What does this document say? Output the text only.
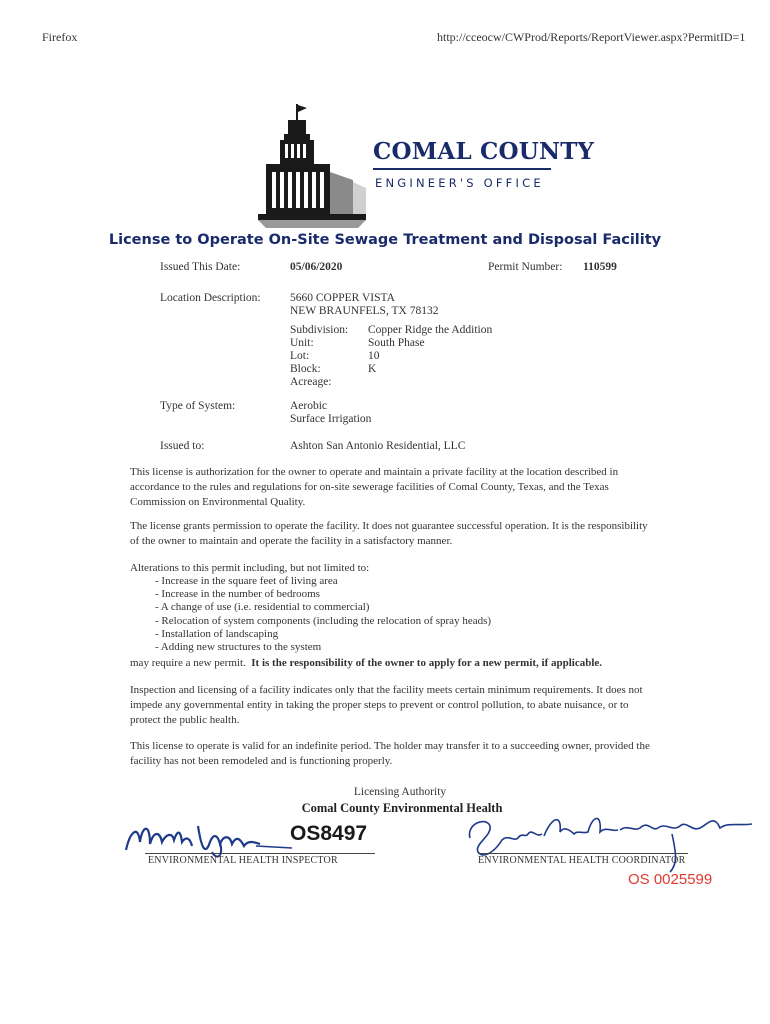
Firefox	http://cceocw/CWProd/Reports/ReportViewer.aspx?PermitID=1
COMAL COUNTY
ENGINEER'S OFFICE
License to Operate On-Site Sewage Treatment and Disposal Facility
Issued This Date:	05/06/2020	Permit Number: 110599
Location Description:	5660 COPPER VISTA
NEW BRAUNFELS, TX 78132
Subdivision: Copper Ridge the Addition
Unit:	South Phase
Lot:	10
Block:	K
Acreage:
Type of System:	Aerobic
Surface Irrigation
Issued to:	Ashton San Antonio Residential, LLC
This license is authorization for the owner to operate and maintain a private facility at the location described in accordance to the rules and regulations for on-site sewerage facilities of Comal County, Texas, and the Texas Commission on Environmental Quality.
The license grants permission to operate the facility. It does not guarantee successful operation. It is the responsibility of the owner to maintain and operate the facility in a satisfactory manner.
Alterations to this permit including, but not limited to:
- Increase in the square feet of living area
- Increase in the number of bedrooms
- A change of use (i.e. residential to commercial)
- Relocation of system components (including the relocation of spray heads)
- Installation of landscaping
- Adding new structures to the system
may require a new permit. It is the responsibility of the owner to apply for a new permit, if applicable.
Inspection and licensing of a facility indicates only that the facility meets certain minimum requirements. It does not impede any governmental entity in taking the proper steps to prevent or control pollution, to abate nuisance, or to protect the public health.
This license to operate is valid for an indefinite period. The holder may transfer it to a succeeding owner, provided the facility has not been remodeled and is functioning properly.
Licensing Authority
Comal County Environmental Health
OS8497
ENVIRONMENTAL HEALTH INSPECTOR	ENVIRONMENTAL HEALTH COORDINATOR
OS 0025599
